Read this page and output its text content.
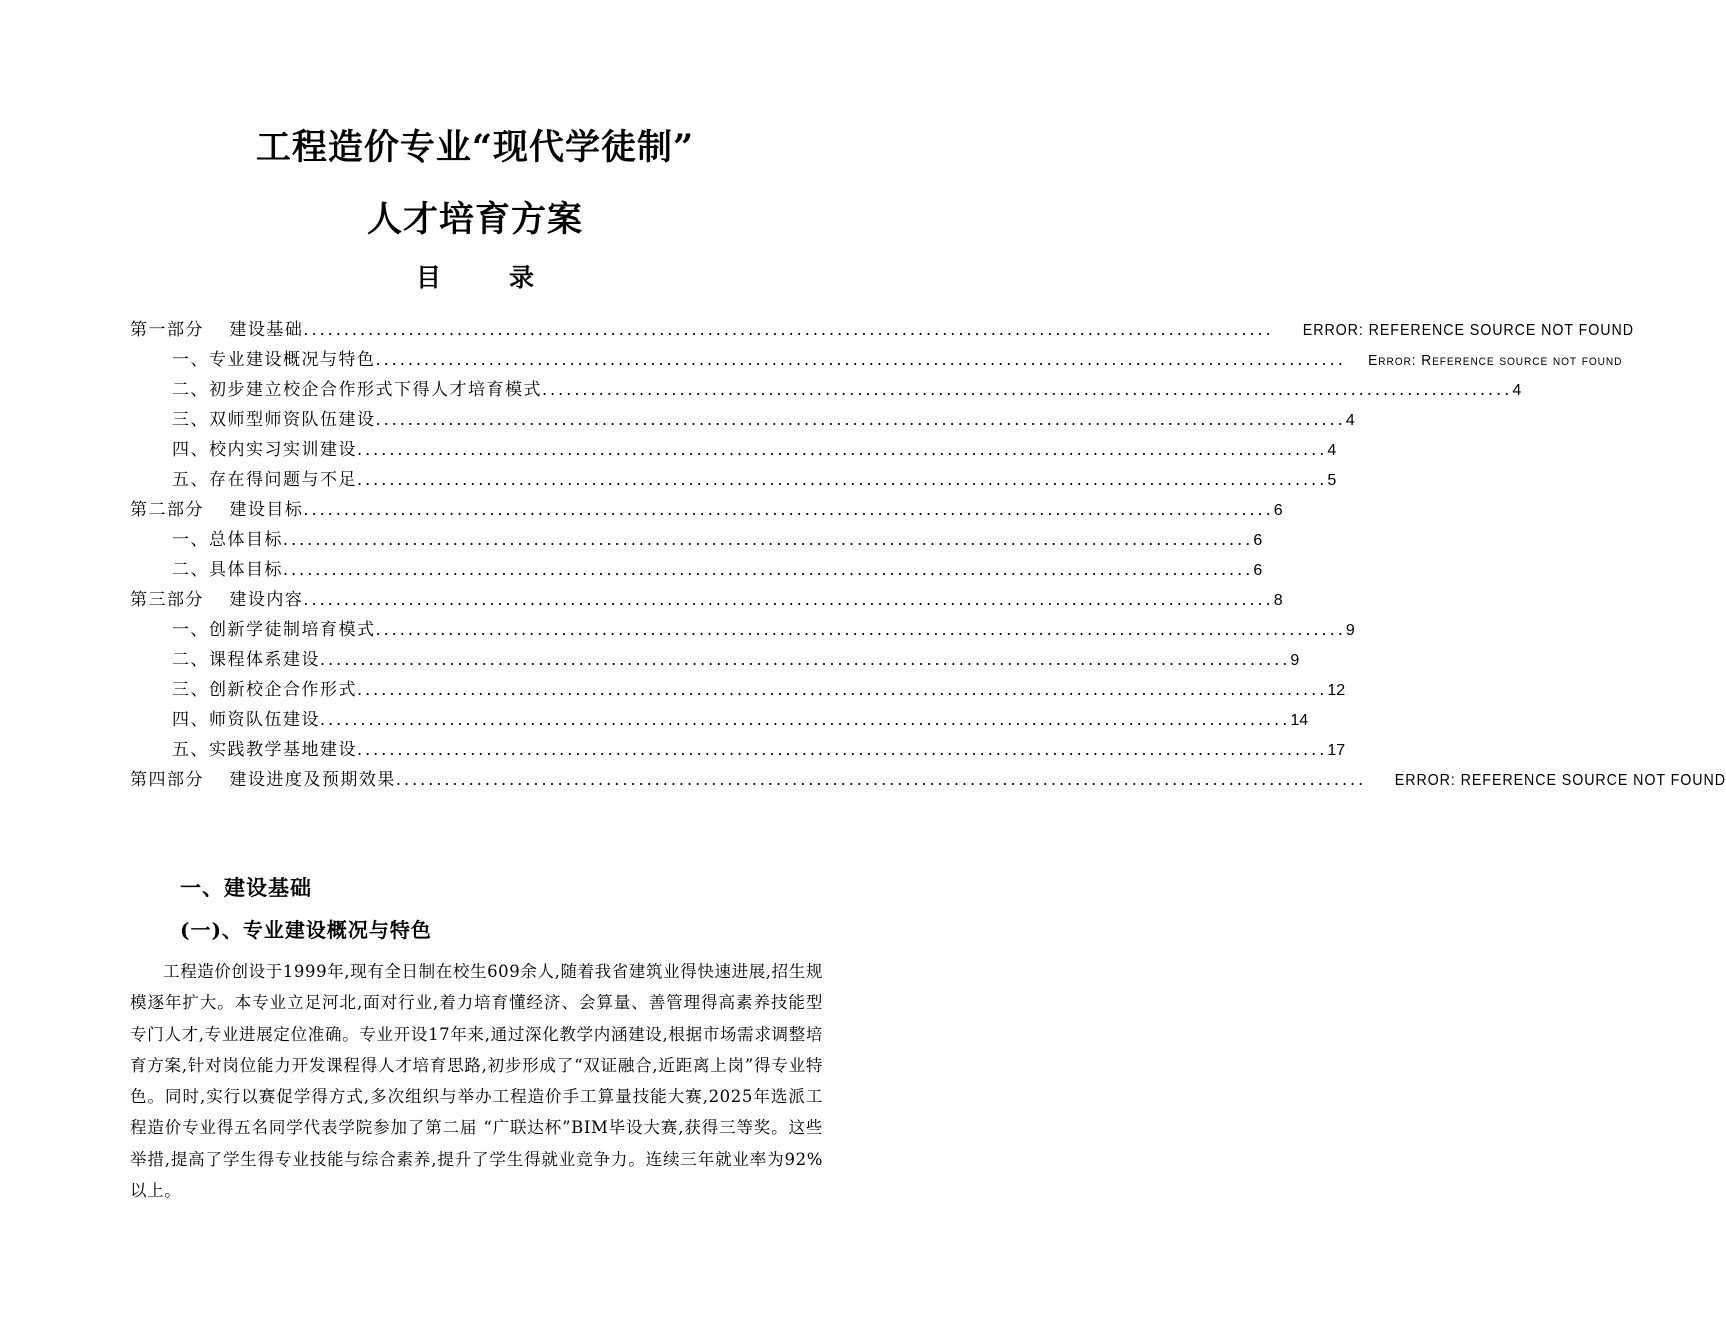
工程造价专业“现代学徒制”
人才培育方案
目	录
第一部分　 建设基础 ........................................................................................................................ ERROR: REFERENCE SOURCE NOT FOUND
一、专业建设概况与特色 ........................................................................................................................ Error: Reference source not found
二、初步建立校企合作形式下得人才培育模式 ........................................................................................................................ 4
三、双师型师资队伍建设 ........................................................................................................................ 4
四、校内实习实训建设 ........................................................................................................................ 4
五、存在得问题与不足 ........................................................................................................................ 5
第二部分　 建设目标 ........................................................................................................................ 6
一、总体目标 ........................................................................................................................ 6
二、具体目标 ........................................................................................................................ 6
第三部分　 建设内容 ........................................................................................................................ 8
一、创新学徒制培育模式 ........................................................................................................................ 9
二、课程体系建设 ........................................................................................................................ 9
三、创新校企合作形式 ........................................................................................................................ 12
四、师资队伍建设 ........................................................................................................................ 14
五、实践教学基地建设 ........................................................................................................................ 17
第四部分　 建设进度及预期效果 ........................................................................................................................ ERROR: REFERENCE SOURCE NOT FOUND
一、建设基础
(一)、专业建设概况与特色

工程造价创设于1999年,现有全日制在校生609余人,随着我省建筑业得快速进展,招生规模逐年扩大。本专业立足河北,面对行业,着力培育懂经济、会算量、善管理得高素养技能型专门人才,专业进展定位准确。专业开设17年来,通过深化教学内涵建设,根据市场需求调整培育方案,针对岗位能力开发课程得人才培育思路,初步形成了“双证融合,近距离上岗”得专业特色。同时,实行以赛促学得方式,多次组织与举办工程造价手工算量技能大赛,2025年选派工程造价专业得五名同学代表学院参加了第二届 “广联达杯”BIM毕设大赛,获得三等奖。这些举措,提高了学生得专业技能与综合素养,提升了学生得就业竞争力。连续三年就业率为92%以上。
